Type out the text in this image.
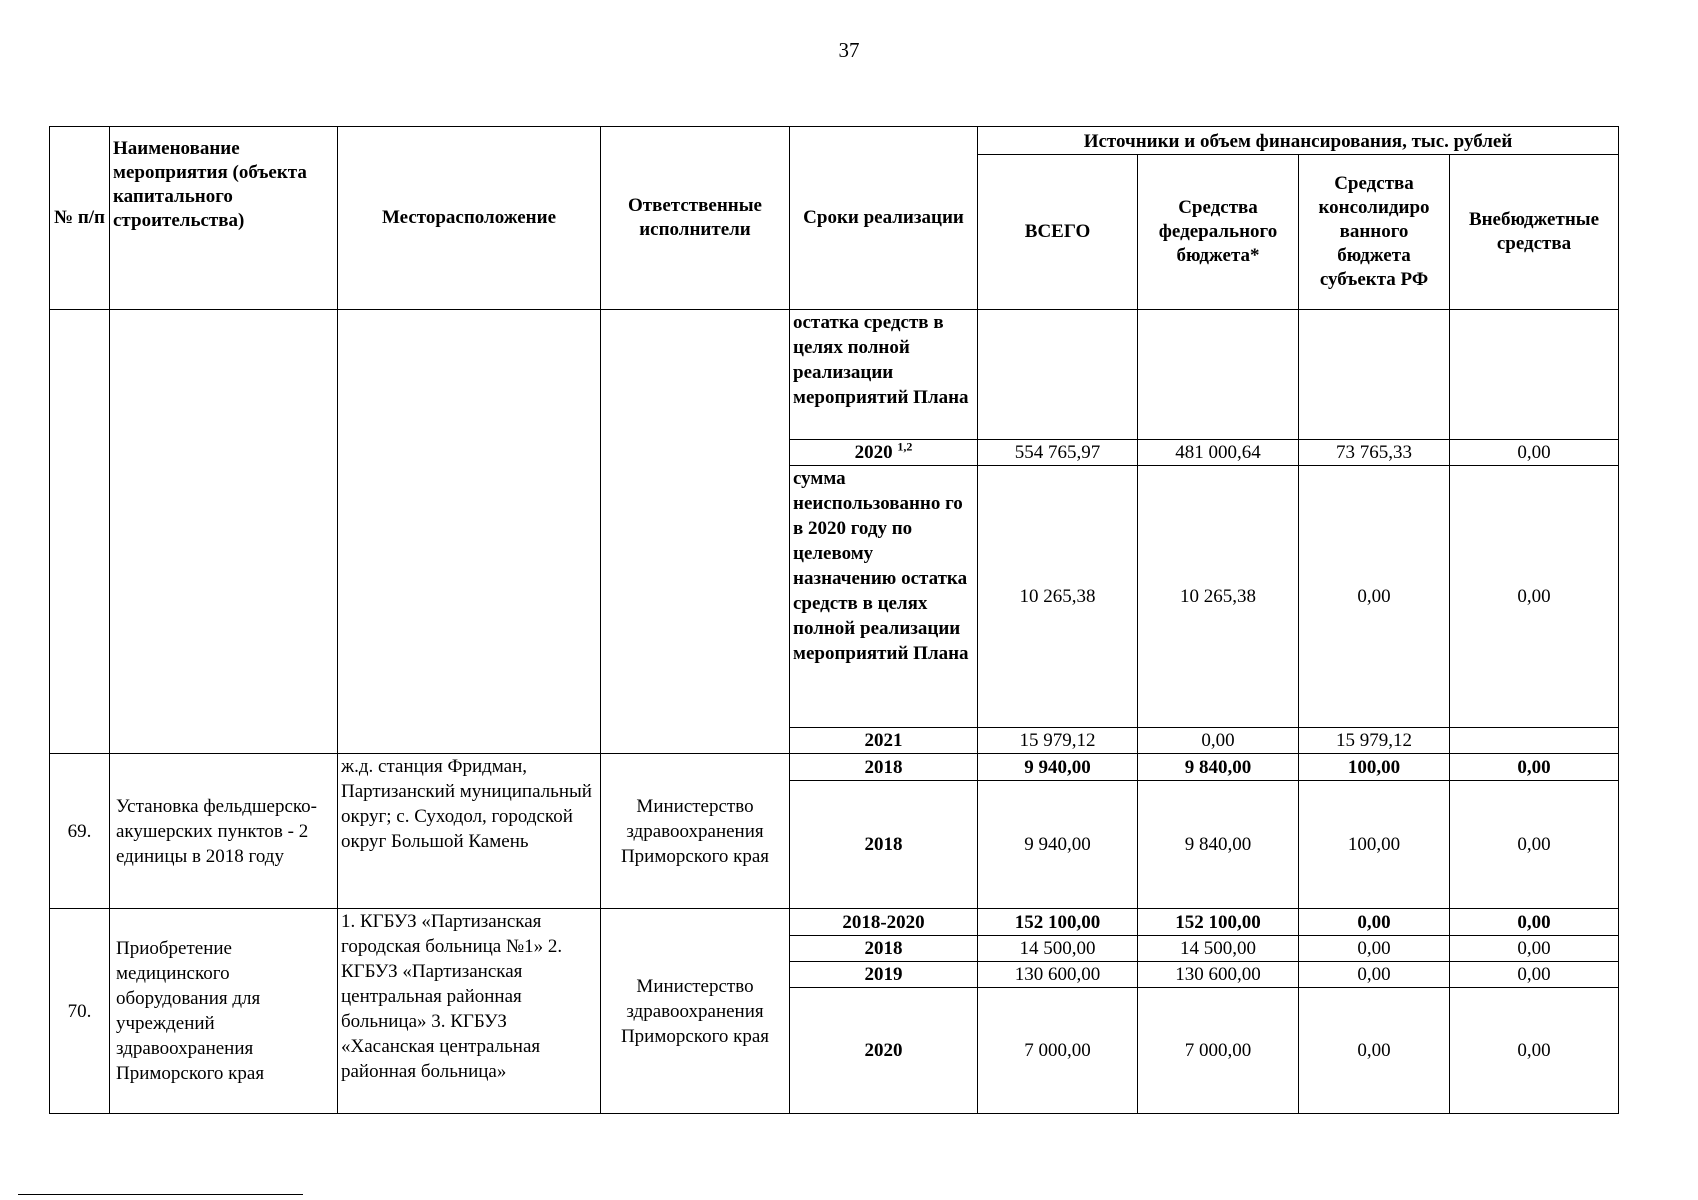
37
№ п/п	Наименование мероприятия (объекта капитального строительства)	Месторасположение	Ответственные исполнители	Сроки реализации	Источники и объем финансирования, тыс. рублей			
					ВСЕГО	Средства федерального бюджета*	Средства консолидиро ванного бюджета субъекта РФ	Внебюджетные средства
				остатка средств в целях полной реализации мероприятий Плана				
				2020 $^{1,2}$	554 765,97	481 000,64	73 765,33	0,00
				сумма неиспользованно го в 2020 году по целевому назначению остатка средств в целях полной реализации мероприятий Плана	10 265,38	10 265,38	0,00	0,00
				2021	15 979,12	0,00	15 979,12	
69.	Установка фельдшерско-акушерских пунктов - 2 единицы в 2018 году	ж.д. станция Фридман, Партизанский муниципальный округ; с. Суходол, городской округ Большой Камень	Министерство здравоохранения Приморского края	2018	9 940,00	9 840,00	100,00	0,00
				2018	9 940,00	9 840,00	100,00	0,00
70.	Приобретение медицинского оборудования для учреждений здравоохранения Приморского края	1. КГБУЗ «Партизанская городская больница №1» 2. КГБУЗ «Партизанская центральная районная больница» 3. КГБУЗ «Хасанская центральная районная больница»	Министерство здравоохранения Приморского края	2018-2020	152 100,00	152 100,00	0,00	0,00
				2018	14 500,00	14 500,00	0,00	0,00
				2019	130 600,00	130 600,00	0,00	0,00
				2020	7 000,00	7 000,00	0,00	0,00
